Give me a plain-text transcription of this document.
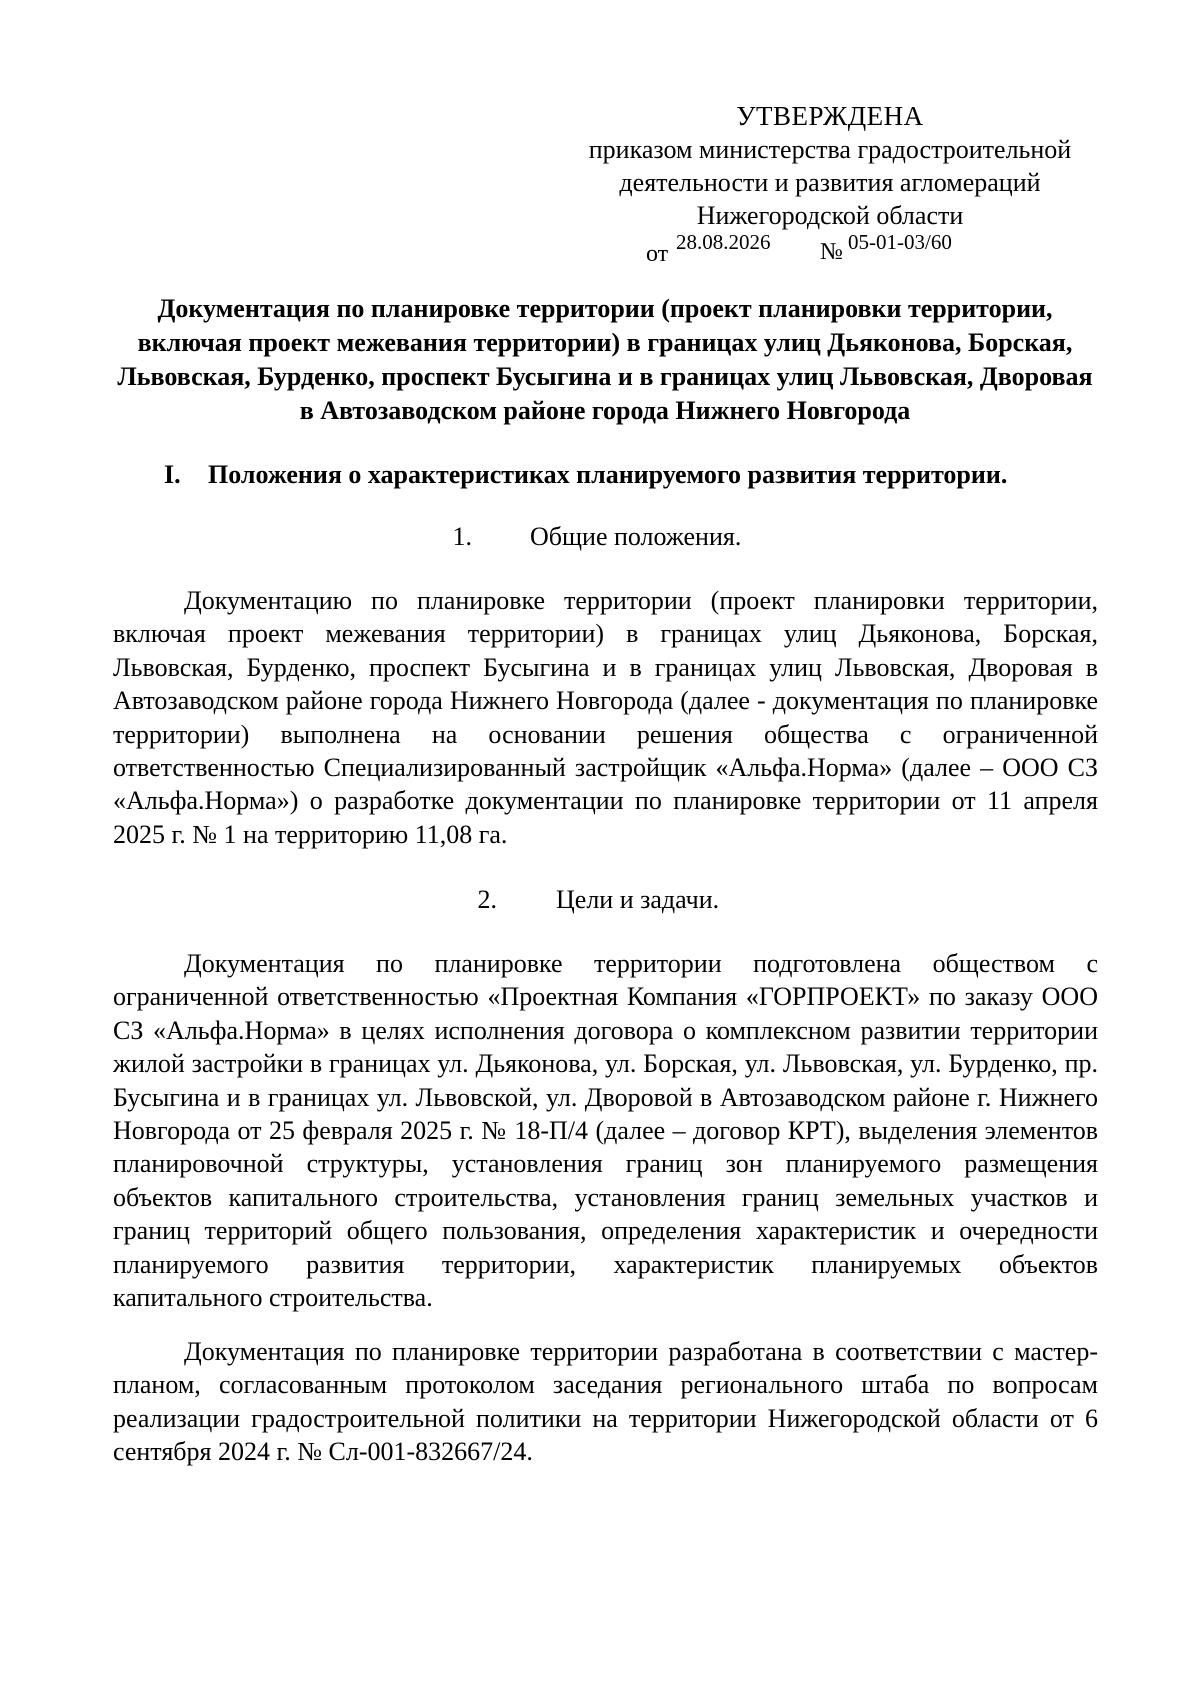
УТВЕРЖДЕНА
приказом министерства градостроительной
деятельности и развития агломераций
Нижегородской области
от 28.08.2026 № 05-01-03/60
Документация по планировке территории (проект планировки территории, включая проект межевания территории) в границах улиц Дьяконова, Борская, Львовская, Бурденко, проспект Бусыгина и в границах улиц Львовская, Дворовая в Автозаводском районе города Нижнего Новгорода
I. Положения о характеристиках планируемого развития территории.
1. Общие положения.

Документацию по планировке территории (проект планировки территории, включая проект межевания территории) в границах улиц Дьяконова, Борская, Львовская, Бурденко, проспект Бусыгина и в границах улиц Львовская, Дворовая в Автозаводском районе города Нижнего Новгорода (далее - документация по планировке территории) выполнена на основании решения общества с ограниченной ответственностью Специализированный застройщик «Альфа.Норма» (далее – ООО СЗ «Альфа.Норма») о разработке документации по планировке территории от 11 апреля 2025 г. № 1 на территорию 11,08 га.

2. Цели и задачи.

Документация по планировке территории подготовлена обществом с ограниченной ответственностью «Проектная Компания «ГОРПРОЕКТ» по заказу ООО СЗ «Альфа.Норма» в целях исполнения договора о комплексном развитии территории жилой застройки в границах ул. Дьяконова, ул. Борская, ул. Львовская, ул. Бурденко, пр. Бусыгина и в границах ул. Львовской, ул. Дворовой в Автозаводском районе г. Нижнего Новгорода от 25 февраля 2025 г. № 18-П/4 (далее – договор КРТ), выделения элементов планировочной структуры, установления границ зон планируемого размещения объектов капитального строительства, установления границ земельных участков и границ территорий общего пользования, определения характеристик и очередности планируемого развития территории, характеристик планируемых объектов капитального строительства.

Документация по планировке территории разработана в соответствии с мастер-планом, согласованным протоколом заседания регионального штаба по вопросам реализации градостроительной политики на территории Нижегородской области от 6 сентября 2024 г. № Сл-001-832667/24.
